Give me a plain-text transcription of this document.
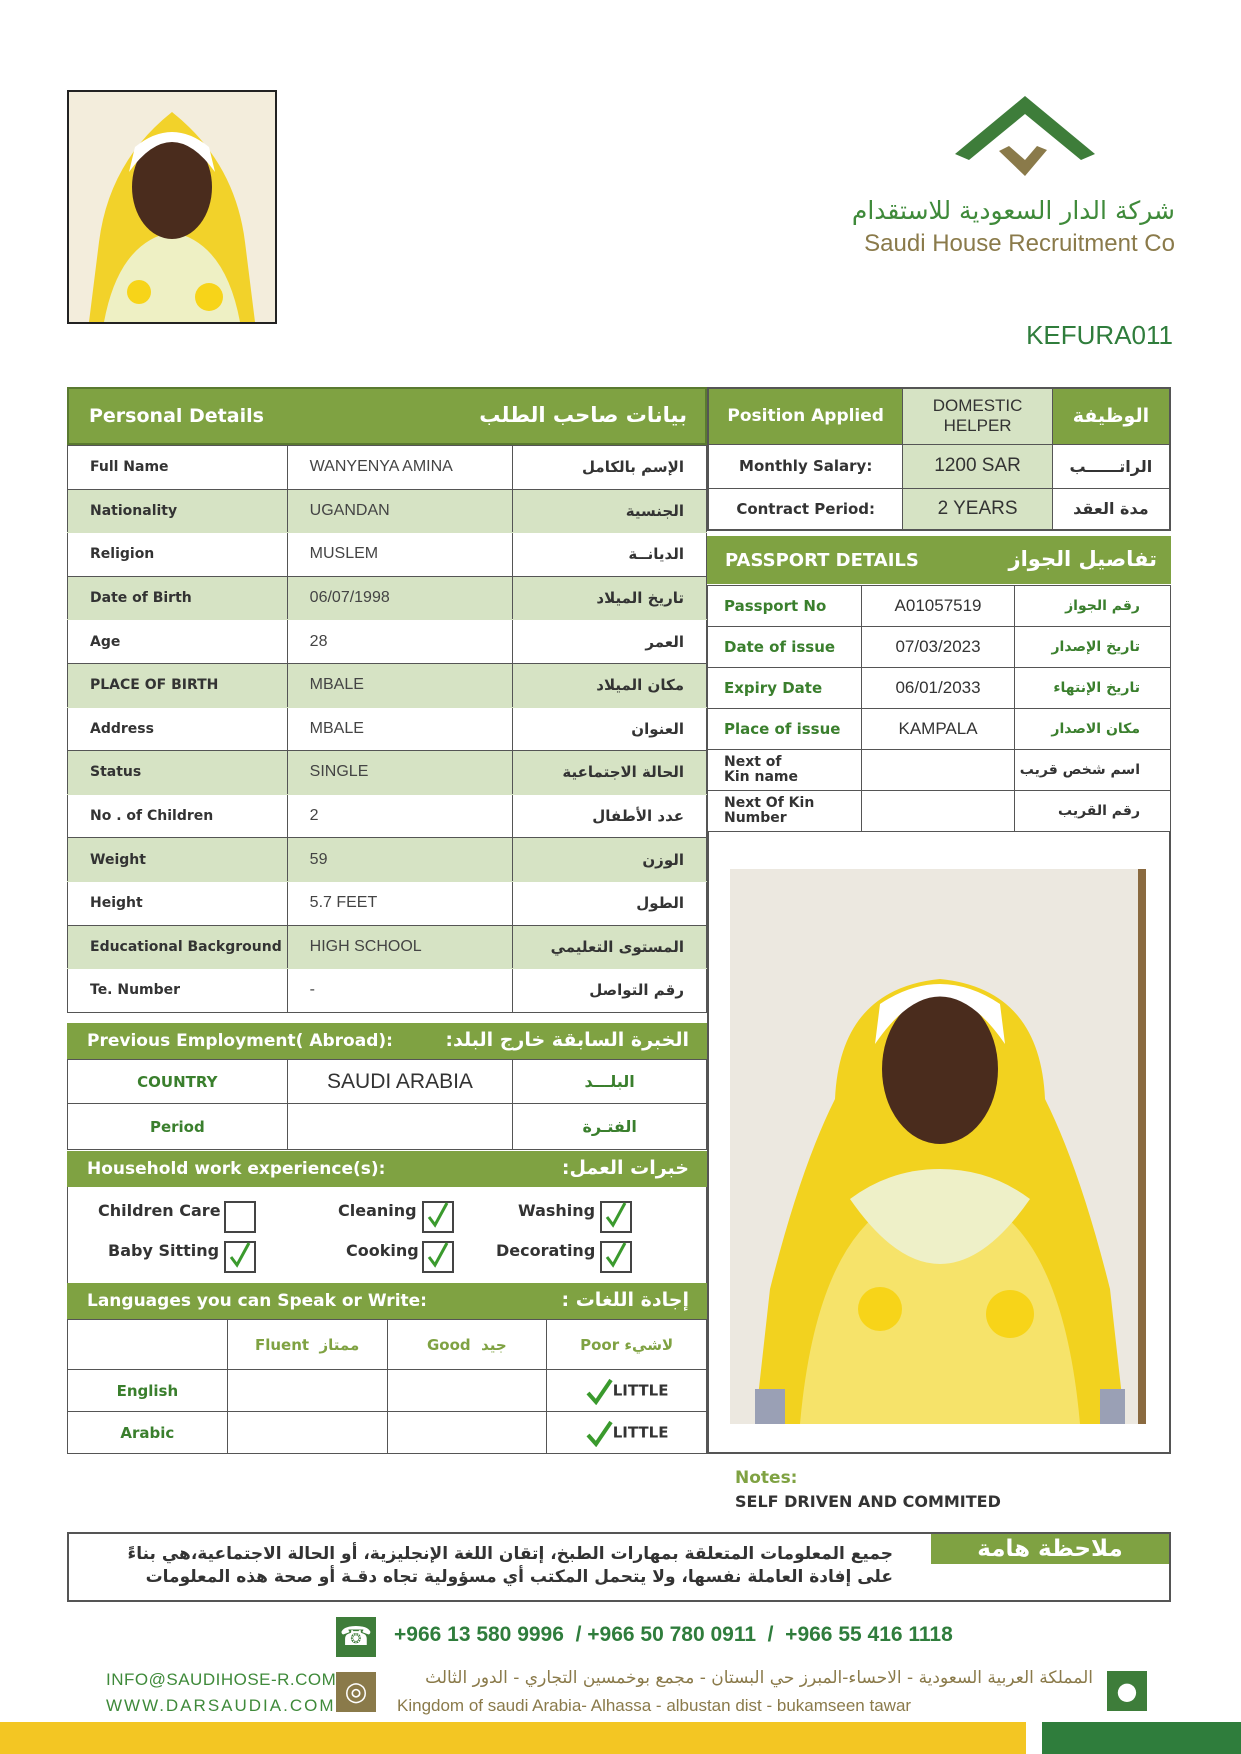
شركة الدار السعودية للاستقدام
Saudi House Recruitment Co
KEFURA011
Personal Details	بيانات صاحب الطلب
Full Name	WANYENYA AMINA	الإسم بالكامل
Nationality	UGANDAN	الجنسية
Religion	MUSLEM	الديانــة
Date of Birth	06/07/1998	تاريخ الميلاد
Age	28	العمر
PLACE OF BIRTH	MBALE	مكان الميلاد
Address	MBALE	العنوان
Status	SINGLE	الحالة الاجتماعية
No . of Children	2	عدد الأطفال
Weight	59	الوزن
Height	5.7 FEET	الطول
Educational Background	HIGH SCHOOL	المستوى التعليمي
Te. Number	-	رقم التواصل
Previous Employment( Abroad):	الخبرة السابقة خارج البلد:
COUNTRY	SAUDI ARABIA	البلـــد
Period		الفتـرة
Household work experience(s):	خبرات العمل:
Children Care	Cleaning	Washing
Baby Sitting	Cooking	Decorating
Languages you can Speak or Write:	إجادة اللغات :
	Fluent ممتاز	Good جيد	Poor لاشيء
English			LITTLE
Arabic			LITTLE
Position Applied	DOMESTIC HELPER	الوظيفة
Monthly Salary:	1200 SAR	الراتــــــب
Contract Period:	2 YEARS	مدة العقد
PASSPORT DETAILS	تفاصيل الجواز
Passport No	A01057519	رقم الجواز
Date of issue	07/03/2023	تاريخ الإصدار
Expiry Date	06/01/2033	تاريخ الإنتهاء
Place of issue	KAMPALA	مكان الاصدار
Next of
Kin name		اسم شخص قريب
Next Of Kin
Number		رقم القريب
Notes:
SELF DRIVEN AND COMMITED
ملاحظة هامة
جميع المعلومات المتعلقة بمهارات الطبخ، إتقان اللغة الإنجليزية، أو الحالة الاجتماعية،هي بناءً
على إفادة العاملة نفسها، ولا يتحمل المكتب أي مسؤولية تجاه دقـة أو صحة هذه المعلومات
☎ +966 13 580 9996  / +966 50 780 0911  /  +966 55 416 1118
INFO@SAUDIHOSE-R.COM
WWW.DARSAUDIA.COM ◎	المملكة العربية السعودية - الاحساء-المبرز حي البستان - مجمع بوخمسين التجاري - الدور الثالث
Kingdom of saudi Arabia- Alhassa - albustan dist - bukamseen tawar
●
